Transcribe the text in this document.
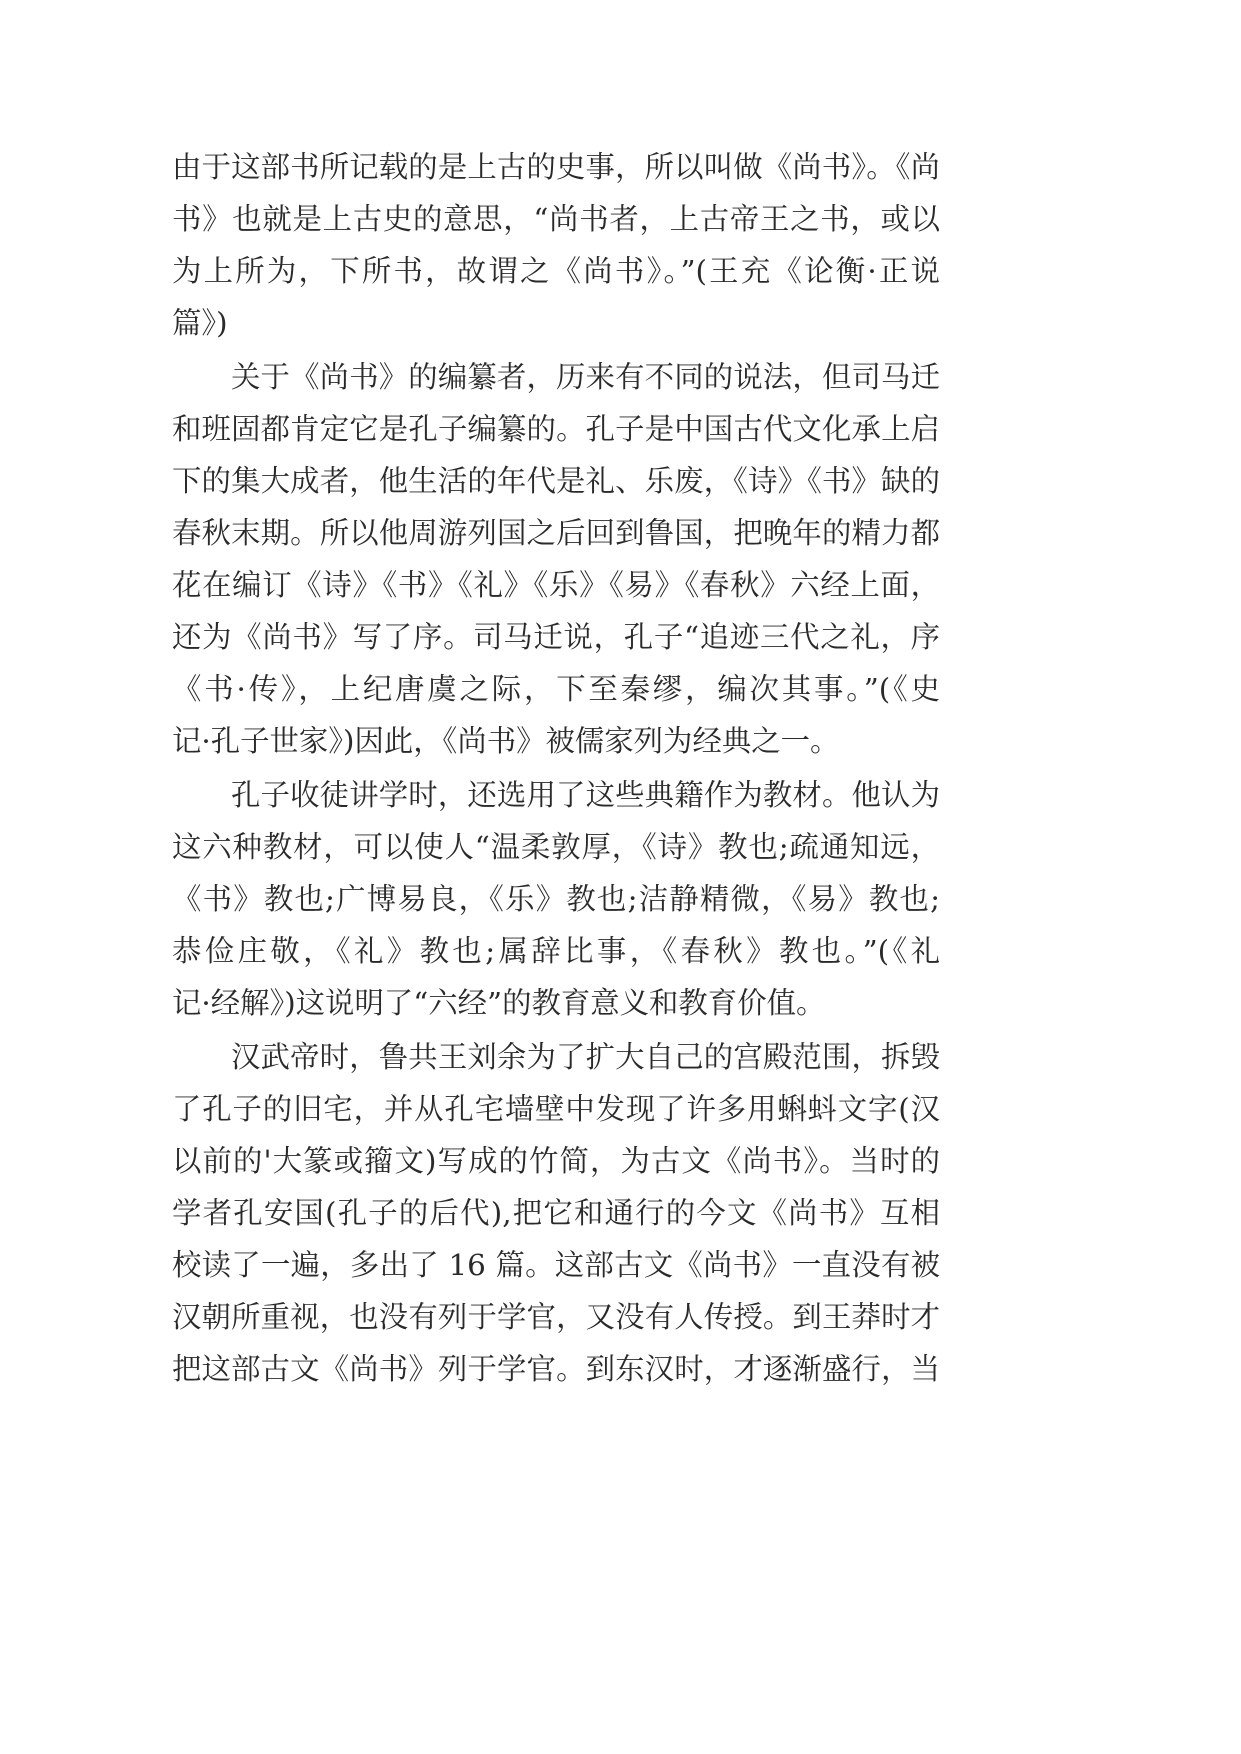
由于这部书所记载的是上古的史事，所以叫做《尚书》。《尚
书》也就是上古史的意思，“尚书者，上古帝王之书，或以
为上所为，下所书，故谓之《尚书》。”(王充《论衡·正说
篇》)
关于《尚书》的编纂者，历来有不同的说法，但司马迁
和班固都肯定它是孔子编纂的。孔子是中国古代文化承上启
下的集大成者，他生活的年代是礼、乐废，《诗》《书》缺的
春秋末期。所以他周游列国之后回到鲁国，把晚年的精力都
花在编订《诗》《书》《礼》《乐》《易》《春秋》六经上面，
还为《尚书》写了序。司马迁说，孔子“追迹三代之礼，序
《书·传》，上纪唐虞之际，下至秦缪，编次其事。”(《史
记·孔子世家》)因此，《尚书》被儒家列为经典之一。
孔子收徒讲学时，还选用了这些典籍作为教材。他认为
这六种教材，可以使人“温柔敦厚，《诗》教也;疏通知远，
《书》教也;广博易良，《乐》教也;洁静精微，《易》教也;
恭俭庄敬，《礼》教也;属辞比事，《春秋》教也。”(《礼
记·经解》)这说明了“六经”的教育意义和教育价值。
汉武帝时，鲁共王刘余为了扩大自己的宫殿范围，拆毁
了孔子的旧宅，并从孔宅墙壁中发现了许多用蝌蚪文字(汉
以前的'大篆或籀文)写成的竹简，为古文《尚书》。当时的
学者孔安国(孔子的后代),把它和通行的今文《尚书》互相
校读了一遍，多出了 16 篇。这部古文《尚书》一直没有被
汉朝所重视，也没有列于学官，又没有人传授。到王莽时才
把这部古文《尚书》列于学官。到东汉时，才逐渐盛行，当
